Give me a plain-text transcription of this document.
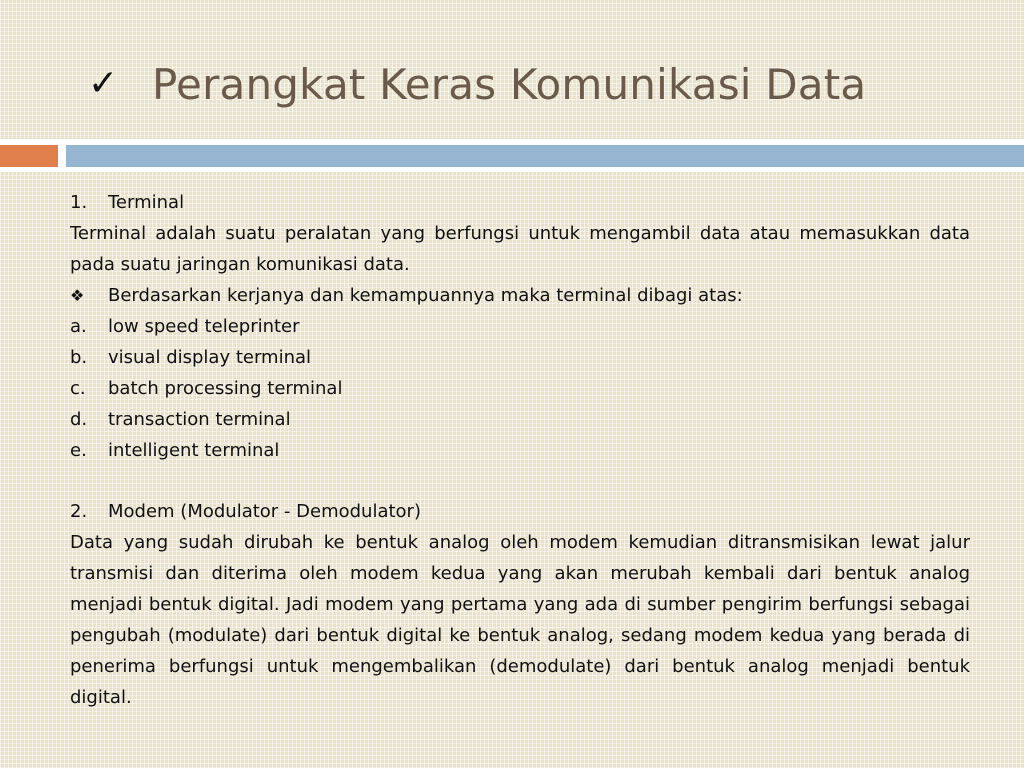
✓ Perangkat Keras Komunikasi Data
1.	Terminal
Terminal adalah suatu peralatan yang berfungsi untuk mengambil data atau memasukkan data pada suatu jaringan komunikasi data.
❖	Berdasarkan kerjanya dan kemampuannya maka terminal dibagi atas:
a.	low speed teleprinter
b.	visual display terminal
c.	batch processing terminal
d.	transaction terminal
e.	intelligent terminal
2.	Modem (Modulator - Demodulator)
Data yang sudah dirubah ke bentuk analog oleh modem kemudian ditransmisikan lewat jalur transmisi dan diterima oleh modem kedua yang akan merubah kembali dari bentuk analog menjadi bentuk digital. Jadi modem yang pertama yang ada di sumber pengirim berfungsi sebagai pengubah (modulate) dari bentuk digital ke bentuk analog, sedang modem kedua yang berada di penerima berfungsi untuk mengembalikan (demodulate) dari bentuk analog menjadi bentuk digital.
